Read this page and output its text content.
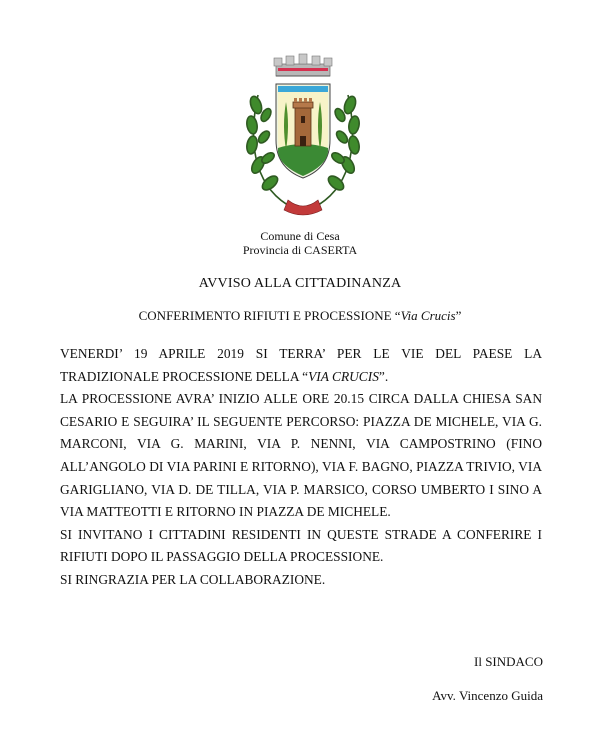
Comune di Cesa
Provincia di CASERTA
AVVISO ALLA CITTADINANZA
CONFERIMENTO RIFIUTI E PROCESSIONE “Via Crucis”

VENERDI’ 19 APRILE 2019 SI TERRA’ PER LE VIE DEL PAESE LA TRADIZIONALE PROCESSIONE DELLA “VIA CRUCIS”.

LA PROCESSIONE AVRA’ INIZIO ALLE ORE 20.15 CIRCA DALLA CHIESA SAN CESARIO E SEGUIRA’ IL SEGUENTE PERCORSO: PIAZZA DE MICHELE, VIA G. MARCONI, VIA G. MARINI, VIA P. NENNI, VIA CAMPOSTRINO (FINO ALL’ANGOLO DI VIA PARINI E RITORNO), VIA F. BAGNO, PIAZZA TRIVIO, VIA GARIGLIANO, VIA D. DE TILLA, VIA P. MARSICO, CORSO UMBERTO I SINO A VIA MATTEOTTI E RITORNO IN PIAZZA DE MICHELE.

SI INVITANO I CITTADINI RESIDENTI IN QUESTE STRADE A CONFERIRE I RIFIUTI DOPO IL PASSAGGIO DELLA PROCESSIONE.

SI RINGRAZIA PER LA COLLABORAZIONE.

Il SINDACO
Avv. Vincenzo Guida
